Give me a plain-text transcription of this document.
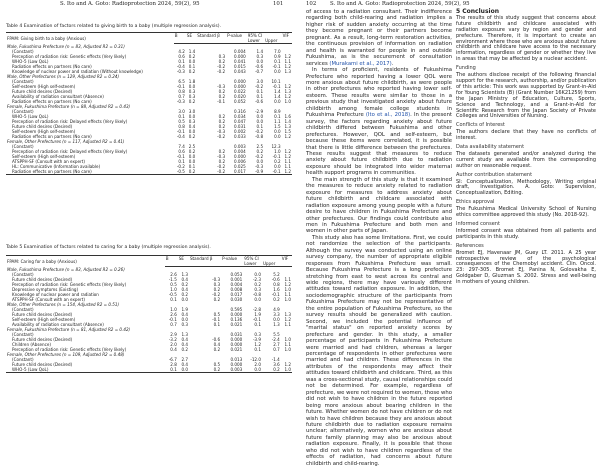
S. Ito and A. Goto: Radioprotection 2024, 59(2), 95	101
Table 4 Examination of factors related to giving birth to a baby (multiple regression analysis).
FPAM: Giving birth to a baby (Anxious)	B	SE	Standard β	P-value	95% CI		VIF
					Lower	Upper	
Male, Fukushima Prefecture (n = 83, Adjusted R2 = 0.31)							
(Constant)	4.2	1.4		0.004	1.4	7.0	
Perception of radiation risk: Genetic effects (Very likely)	0.6	0.2	0.3	0.000	0.3	0.9	1.2
WHO-5 (Low QoL)	0.1	0.0	0.2	0.041	0.0	0.1	1.1
Radiation effects on partners (No care)	-0.4	0.1	-0.2	0.015	-0.6	-0.1	1.2
Knowledge of nuclear power and radiation (Without knowledge)	-0.3	0.2	-0.2	0.043	-0.7	0.0	1.3
Male, Other Prefectures (n = 129, Adjusted R2 = 0.24)							
(Constant)	6.5	1.8		0.000	3.0	10.1	
Self-esteem (High self-esteem)	-0.1	0.0	-0.3	0.000	-0.2	-0.1	1.2
Future child desires (Desired)	0.8	0.3	0.2	0.022	0.1	1.4	1.3
Availability of radiation consultant (Absence)	0.7	0.3	0.2	0.020	0.1	1.4	1.2
Radiation effects on partners (No care)	-0.3	0.2	-0.1	0.052	-0.6	0.0	1.0
Female, Fukushima Prefecture (n = 88, Adjusted R2 = 0.43)							
(Constant)	3.0	3.0		0.316	-2.9	8.9	
WHO-5 (Low QoL)	0.1	0.0	0.2	0.034	0.0	0.1	1.6
Perception of radiation risk: Delayed effects (Very likely)	0.5	0.3	0.2	0.047	0.0	1.1	1.4
Future child desires (Desired)	0.8	0.4	0.2	0.031	0.1	1.5	1.3
Self-esteem (High self-esteem)	-0.1	0.0	-0.3	0.002	-0.2	0.0	1.5
Radiation effects on partners (No care)	-0.4	0.2	-0.2	0.033	-0.8	0.0	1.2
Female, Other Prefectures (n = 117, Adjusted R2 = 0.41)							
(Constant)	7.4	2.5		0.003	2.5	12.3	
Perception of radiation risk: Delayed effects (Very likely)	0.6	0.2	0.2	0.004	0.2	1.0	1.2
Self-esteem (High self-esteem)	-0.1	0.0	-0.3	0.000	-0.2	-0.1	1.2
ATSPPH-SF (Consult with an expert)	0.1	0.0	0.2	0.006	0.0	0.2	1.1
HL: Communicative (Information available)	-0.2	0.1	-0.2	0.025	-0.3	0.0	1.1
Radiation effects on partners (No care)	-0.5	0.2	-0.2	0.017	-0.9	-0.1	1.2
Table 5 Examination of factors related to caring for a baby (multiple regression analysis).
FPAM: Caring for a baby (Anxious)	B	SE	Standard β	P-value	95% CI		VIF
					Lower	Upper	
Male, Fukushima Prefecture (n = 83, Adjusted R2 = 0.26)							
(Constant)	2.6	1.3		0.053	0.0	5.2	
Future child desires (Desired)	-1.5	0.4	-0.3	0.001	-2.3	-0.6	1.1
Perception of radiation risk: Genetic effects (Very likely)	0.5	0.2	0.3	0.004	0.2	0.8	1.2
Depressive symptoms (Existing)	1.0	0.4	0.2	0.008	0.3	1.6	1.0
Knowledge of nuclear power and radiation	-0.5	0.2	-0.2	0.017	-0.8	-0.1	1.1
ATSPPH-SF (Consult with an expert)	0.1	0.0	0.2	0.030	0.0	0.2	1.0
Male, Other Prefectures (n = 154, Adjusted R2 = 0.51)							
(Constant)	1.0	1.9		0.595	-2.8	4.9	
Future child desires (Desired)	2.6	0.4	0.5	0.000	1.9	3.3	1.3
Self-esteem (High self-esteem)	-0.1	0.0	-0.1	0.136	-0.1	0.0	1.2
Availability of radiation consultant (Absence)	0.7	0.3	0.1	0.021	0.1	1.3	1.1
Female, Fukushima Prefecture (n = 81, Adjusted R2 = 0.42)							
(Constant)	2.9	1.3		0.031	0.3	5.5	
Future child desires (Desired)	-3.2	0.4	-0.6	0.000	-3.9	-2.4	1.0
Children (Absence)	2.0	0.4	0.4	0.000	1.2	2.7	1.1
Perception of radiation risk: Genetic effects (Very likely)	0.4	0.2	0.2	0.021	0.1	0.7	1.0
Female, Other Prefectures (n = 109, Adjusted R2 = 0.48)							
(Constant)	-6.7	2.7		0.013	-12.0	-1.4	
Future child desires (Desired)	2.8	0.4	0.5	0.000	2.0	3.6	1.2
WHO-5 (Low QoL)	0.1	0.0	0.2	0.003	0.0	0.2	1.0
102	S. Ito and A. Goto: Radioprotection 2024, 59(2), 95

of access to a radiation consultant. Their indifference regarding both child-rearing and radiation implies a higher risk of sudden anxiety occurring at the time they become pregnant or their partners become pregnant. As a result, long-term restoration activities, the continuous provision of information on radiation and health is warranted for people in and outside Fukushima, as is the securement of consultation services (Murakami et al., 2017).

In terms of proficient, residents of Fukushima Prefecture who reported having a lower QOL were more anxious about future childbirth, as were people in other prefectures who reported having lower self-esteem. These results were similar to those in a previous study that investigated anxiety about future childbirth among female college students in Fukushima Prefecture (Ito et al., 2018). In the present survey, the factors regarding anxiety about future childbirth differed between Fukushima and other prefectures. However, QOL and self-esteem, but because these items were correlated, it is possible that there is little difference between the prefectures. These results suggest that measures to reduce anxiety about future childbirth due to radiation exposure should be integrated into wider maternal health support programs in communities.

The main strength of this study is that it examined the measures to reduce anxiety related to radiation exposure for measures to address anxiety about future childbirth and childcare associated with radiation exposure among young people with a future desire to have children in Fukushima Prefecture and other prefectures. Our findings could contribute also men in Fukushima Prefecture and both men and women in other parts of Japan.

This study also has some limitations. First, we could not randomize the selection of the participants. Although the survey was conducted using an online survey company, the number of appropriate eligible responses from Fukushima Prefecture was small. Because Fukushima Prefecture is a long prefecture stretching from east to west across its central and wide regions, there may have variously different attitudes toward radiation exposure. In addition, the sociodemographic structure of the participants from Fukushima Prefecture may not be representative of the entire population of Fukushima Prefecture, so the survey results should be generalized with caution. Second, we included the potential influence of "marital status" on reported anxiety scores by prefecture and gender. In this study, a smaller percentage of participants in Fukushima Prefecture were married and had children, whereas a larger percentage of respondents in other prefectures were married and had children. These differences in the attributes of the respondents may affect their attitudes toward childbirth and childcare. Third, as this was a cross-sectional study, causal relationships could not be determined. For example, regardless of prefecture, we were not required to women, those who did not wish to have children in the future reported being more anxious about bearing children in the future. Whether women do not have children or do not wish to have children because they are anxious about future childbirth due to radiation exposure remains unclear; alternatively, women who are anxious about future family planning may also be anxious about radiation exposure. Finally, it is possible that those who did not wish to have children regardless of the effects of radiation, had concerns about future childbirth and child-rearing.

5 Conclusion

The results of this study suggest that concerns about future childbirth and childcare associated with radiation exposure vary by region and gender and prefecture. Therefore, it is important to create an environment where those who are anxious about future childbirth and childcare have access to the necessary information, regardless of gender or whether they live in areas that may be affected by a nuclear accident.

Funding

The authors disclose receipt of the following financial support for the research, authorship, and/or publication of this article: This work was supported by Grant-in-Aid for Young Scientists (B) (Grant Number 16K21259) from the Japan Ministry of Education, Culture, Sports, Science and Technology, and a Grant-in-Aid for Scientific Research from the Japan Society of Private Colleges and Universities of Nursing.

Conflicts of Interest

The authors declare that they have no conflicts of interest.

Data availability statement

The datasets generated and/or analyzed during the current study are available from the corresponding author on reasonable request.

Author contribution statement

SI: Conceptualization, Methodology, Writing original draft, Investigation. A. Goto: Supervision, Conceptualization, Editing.

Ethics approval

The Fukushima Medical University School of Nursing ethics committee approved this study (No. 2018-92).

Informed consent

Informed consent was obtained from all patients and participants in this study.

References

Bromet EJ, Havenaar JM, Guey LT. 2011. A 25 year retrospective review of the psychological consequences of the Chernobyl accident. Clin. Oncol. 23: 297-305. Bromet EJ, Panina N, Golovakha E, Goldgaber D, Gluzman S. 2002. Stress and well-being in mothers of young children.
